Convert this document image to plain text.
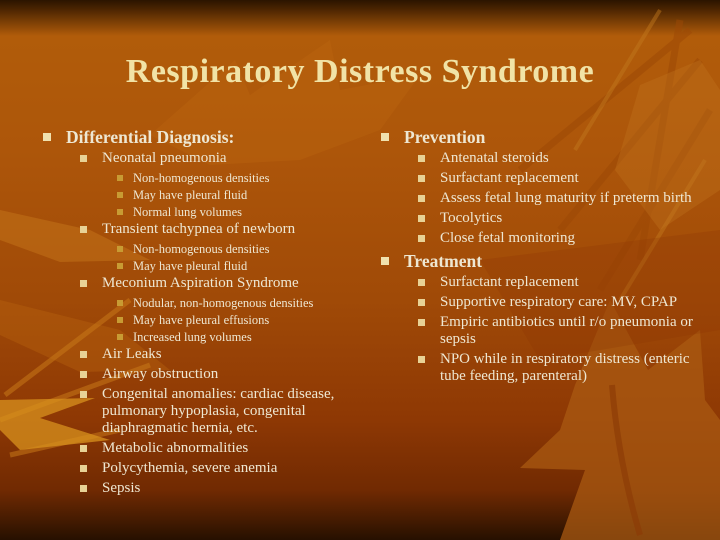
Respiratory Distress Syndrome
Differential Diagnosis:
Neonatal pneumonia
Non-homogenous densities
May have pleural fluid
Normal lung volumes
Transient tachypnea of newborn
Non-homogenous densities
May have pleural fluid
Meconium Aspiration Syndrome
Nodular, non-homogenous densities
May have pleural effusions
Increased lung volumes
Air Leaks
Airway obstruction
Congenital anomalies: cardiac disease, pulmonary hypoplasia, congenital diaphragmatic hernia, etc.
Metabolic abnormalities
Polycythemia, severe anemia
Sepsis
Prevention
Antenatal steroids
Surfactant replacement
Assess fetal lung maturity if preterm birth
Tocolytics
Close fetal monitoring
Treatment
Surfactant replacement
Supportive respiratory care: MV, CPAP
Empiric antibiotics until r/o pneumonia or sepsis
NPO while in respiratory distress (enteric tube feeding, parenteral)
